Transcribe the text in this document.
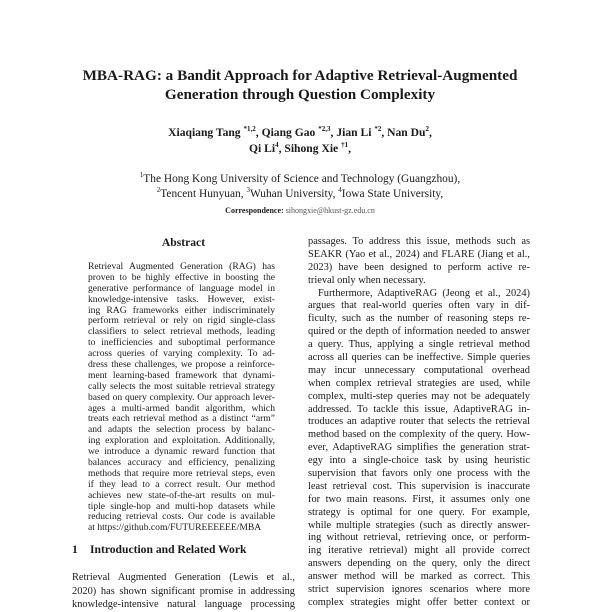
MBA-RAG: a Bandit Approach for Adaptive Retrieval-Augmented
Generation through Question Complexity
Xiaqiang Tang $^{*1,2}$, Qiang Gao $^{*2,3}$, Jian Li $^{*2}$, Nan Du$^2$,
Qi Li$^4$, Sihong Xie $^{\dagger 1}$,
$^1$The Hong Kong University of Science and Technology (Guangzhou),
$^2$Tencent Hunyuan, $^3$Wuhan University, $^4$Iowa State University,
Correspondence: sihongxie@hkust-gz.edu.cn
Abstract
Retrieval Augmented Generation (RAG) has
proven to be highly effective in boosting the
generative performance of language model in
knowledge-intensive tasks. However, exist-
ing RAG frameworks either indiscriminately
perform retrieval or rely on rigid single-class
classifiers to select retrieval methods, leading
to inefficiencies and suboptimal performance
across queries of varying complexity. To ad-
dress these challenges, we propose a reinforce-
ment learning-based framework that dynami-
cally selects the most suitable retrieval strategy
based on query complexity. Our approach lever-
ages a multi-armed bandit algorithm, which
treats each retrieval method as a distinct “arm”
and adapts the selection process by balanc-
ing exploration and exploitation. Additionally,
we introduce a dynamic reward function that
balances accuracy and efficiency, penalizing
methods that require more retrieval steps, even
if they lead to a correct result. Our method
achieves new state-of-the-art results on mul-
tiple single-hop and multi-hop datasets while
reducing retrieval costs. Our code is available
at https://github.com/FUTUREEEEEE/MBA
1 Introduction and Related Work
Retrieval Augmented Generation (Lewis et al.,
2020) has shown significant promise in addressing
knowledge-intensive natural language processing
passages. To address this issue, methods such as
SEAKR (Yao et al., 2024) and FLARE (Jiang et al.,
2023) have been designed to perform active re-
trieval only when necessary.
Furthermore, AdaptiveRAG (Jeong et al., 2024)
argues that real-world queries often vary in dif-
ficulty, such as the number of reasoning steps re-
quired or the depth of information needed to answer
a query. Thus, applying a single retrieval method
across all queries can be ineffective. Simple queries
may incur unnecessary computational overhead
when complex retrieval strategies are used, while
complex, multi-step queries may not be adequately
addressed. To tackle this issue, AdaptiveRAG in-
troduces an adaptive router that selects the retrieval
method based on the complexity of the query. How-
ever, AdaptiveRAG simplifies the generation strat-
egy into a single-choice task by using heuristic
supervision that favors only one process with the
least retrieval cost. This supervision is inaccurate
for two main reasons. First, it assumes only one
strategy is optimal for one query. For example,
while multiple strategies (such as directly answer-
ing without retrieval, retrieving once, or perform-
ing iterative retrieval) might all provide correct
answers depending on the query, only the direct
answer method will be marked as correct. This
strict supervision ignores scenarios where more
complex strategies might offer better context or
